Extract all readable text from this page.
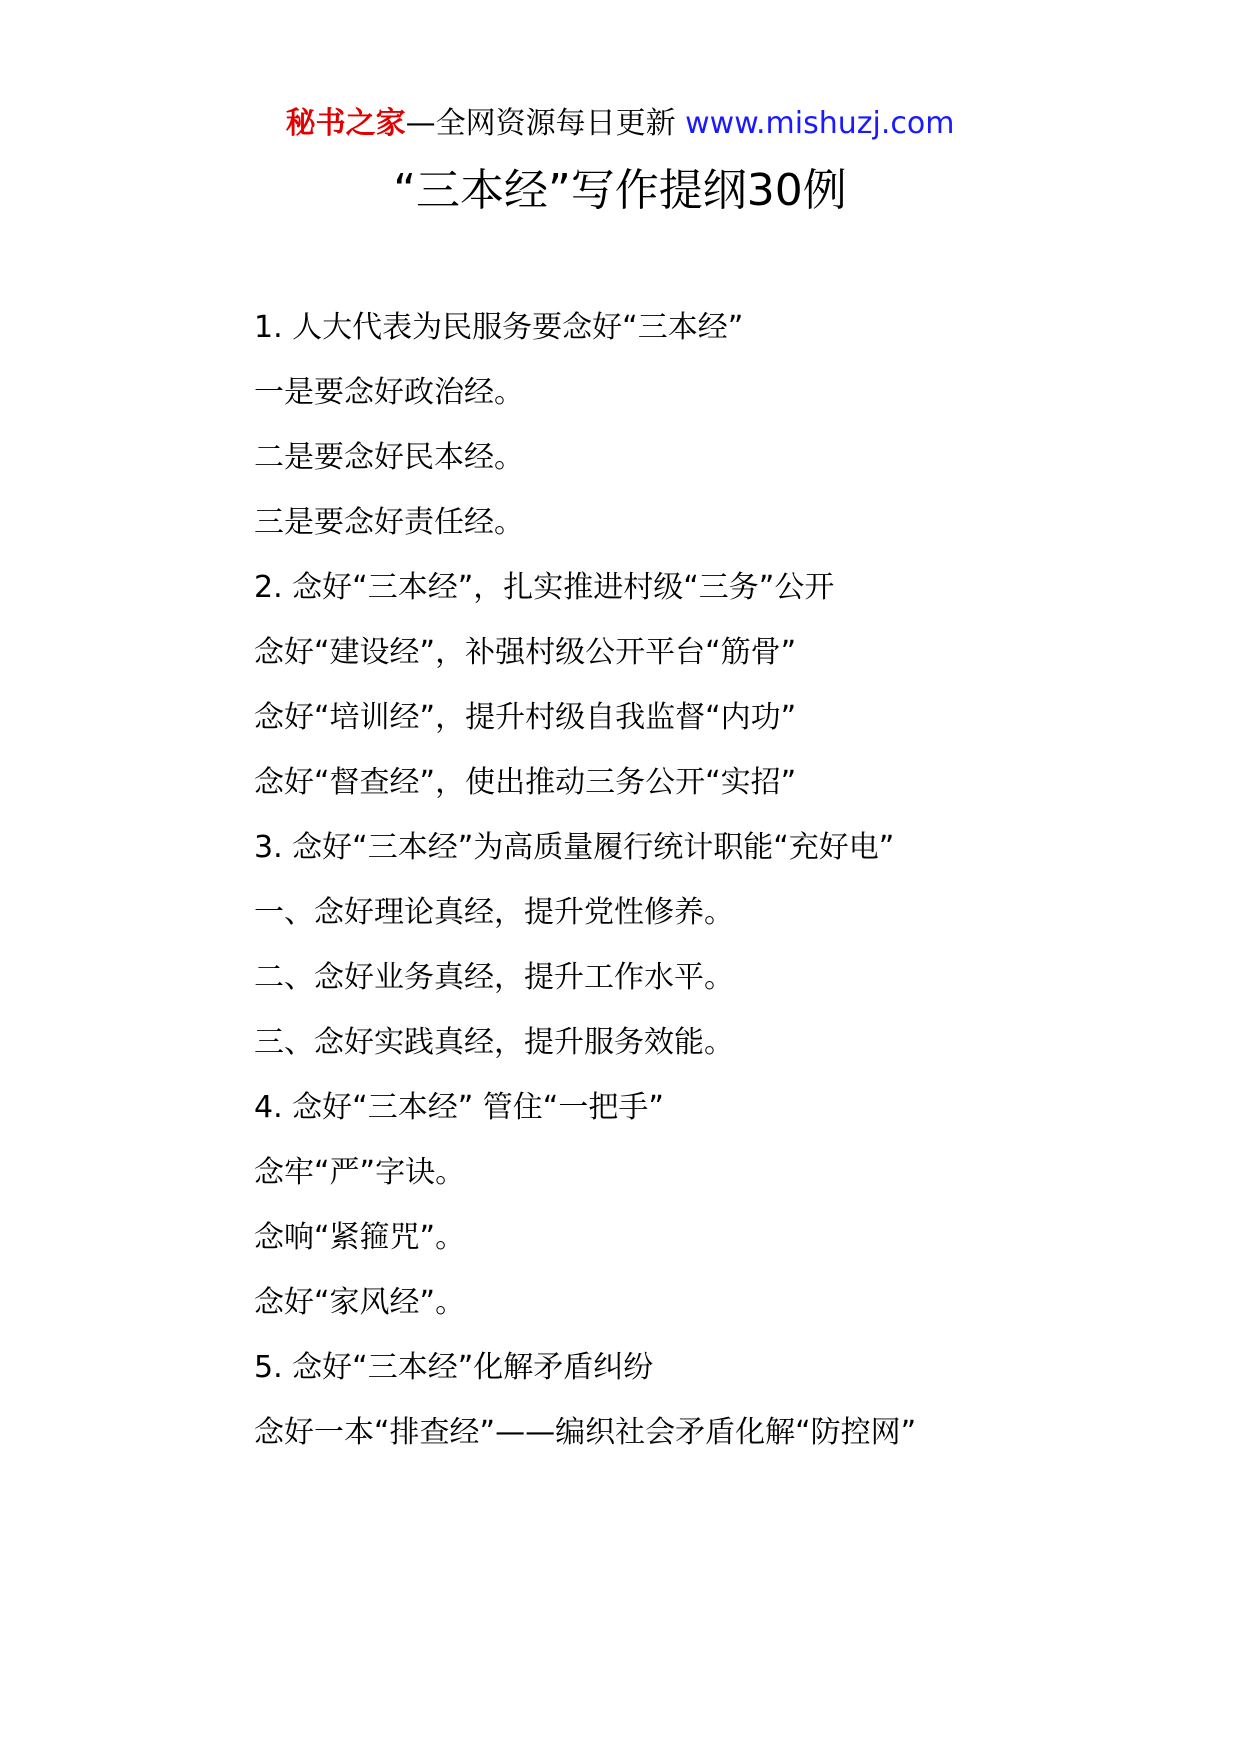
秘书之家—全网资源每日更新 www.mishuzj.com
“三本经”写作提纲30例

1. 人大代表为民服务要念好“三本经”

一是要念好政治经。

二是要念好民本经。

三是要念好责任经。

2. 念好“三本经”，扎实推进村级“三务”公开

念好“建设经”，补强村级公开平台“筋骨”

念好“培训经”，提升村级自我监督“内功”

念好“督查经”，使出推动三务公开“实招”

3. 念好“三本经”为高质量履行统计职能“充好电”

一、念好理论真经，提升党性修养。

二、念好业务真经，提升工作水平。

三、念好实践真经，提升服务效能。

4. 念好“三本经” 管住“一把手”

念牢“严”字诀。

念响“紧箍咒”。

念好“家风经”。

5. 念好“三本经”化解矛盾纠纷

念好一本“排查经”——编织社会矛盾化解“防控网”
